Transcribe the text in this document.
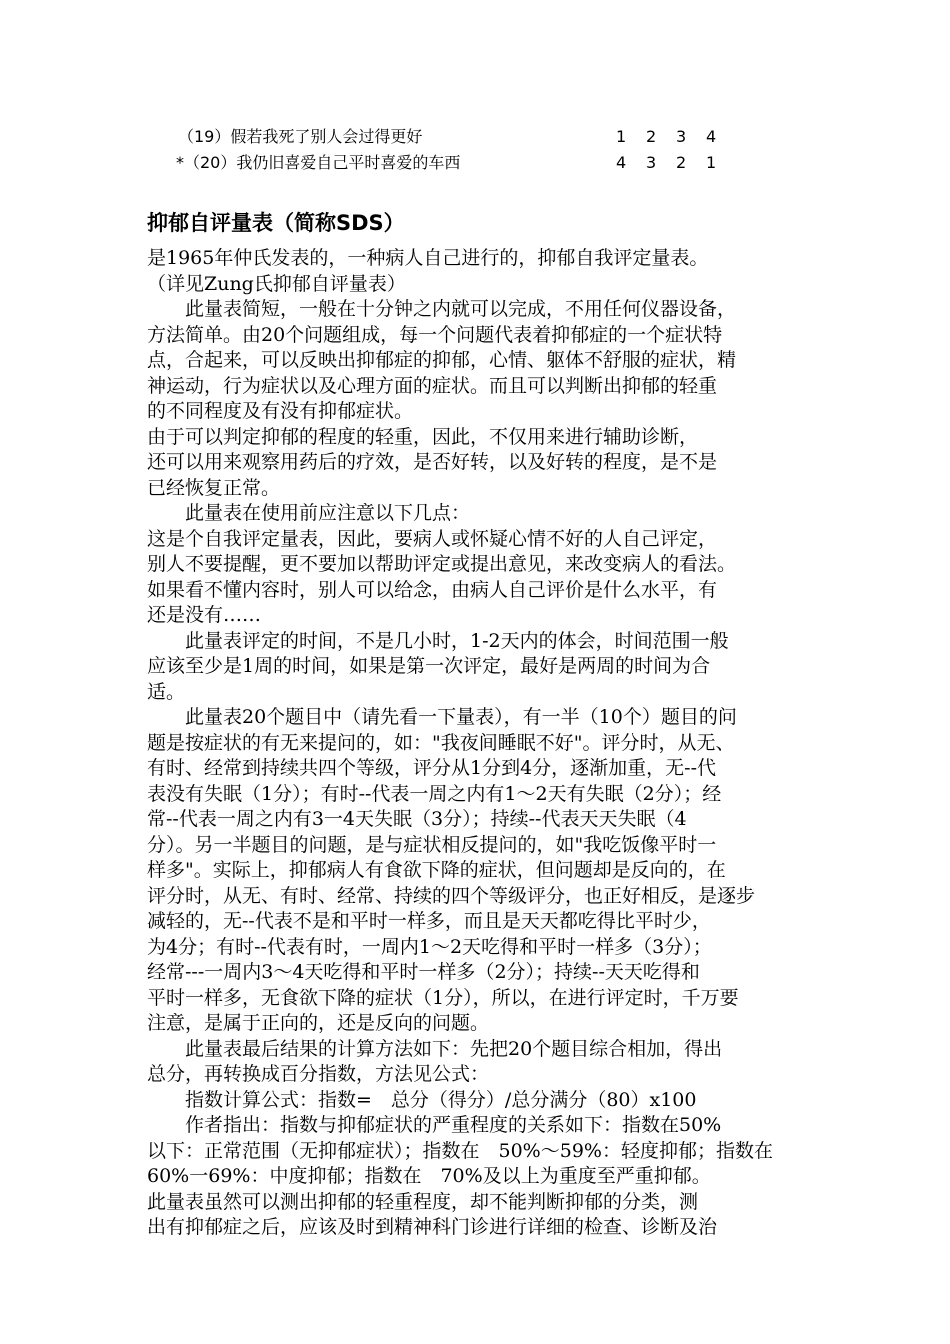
（19）假若我死了别人会过得更好	1 2 3 4
*（20）我仍旧喜爱自己平时喜爱的车西	4 3 2 1
抑郁自评量表（简称SDS）
是1965年仲氏发表的，一种病人自己进行的，抑郁自我评定量表。
（详见Zung氏抑郁自评量表）
　　此量表简短，一般在十分钟之内就可以完成，不用任何仪器设备，
方法简单。由20个问题组成，每一个问题代表着抑郁症的一个症状特
点，合起来，可以反映出抑郁症的抑郁，心情、躯体不舒服的症状，精
神运动，行为症状以及心理方面的症状。而且可以判断出抑郁的轻重
的不同程度及有没有抑郁症状。
由于可以判定抑郁的程度的轻重，因此，不仅用来进行辅助诊断，
还可以用来观察用药后的疗效，是否好转，以及好转的程度，是不是
已经恢复正常。
　　此量表在使用前应注意以下几点：
这是个自我评定量表，因此，要病人或怀疑心情不好的人自己评定，
别人不要提醒，更不要加以帮助评定或提出意见，来改变病人的看法。
如果看不懂内容时，别人可以给念，由病人自己评价是什么水平，有
还是没有……
　　此量表评定的时间，不是几小时，1-2天内的体会，时间范围一般
应该至少是1周的时间，如果是第一次评定，最好是两周的时间为合
适。
　　此量表20个题目中（请先看一下量表），有一半（10个）题目的问
题是按症状的有无来提问的，如："我夜间睡眠不好"。评分时，从无、
有时、经常到持续共四个等级，评分从1分到4分，逐渐加重，无--代
表没有失眠（1分）；有时--代表一周之内有1～2天有失眠（2分）；经
常--代表一周之内有3一4天失眠（3分）；持续--代表天天失眠（4
分）。另一半题目的问题，是与症状相反提问的，如"我吃饭像平时一
样多"。实际上，抑郁病人有食欲下降的症状，但问题却是反向的，在
评分时，从无、有时、经常、持续的四个等级评分，也正好相反，是逐步
减轻的，无--代表不是和平时一样多，而且是天天都吃得比平时少，
为4分；有时--代表有时，一周内1～2天吃得和平时一样多（3分）；
经常---一周内3～4天吃得和平时一样多（2分）；持续--天天吃得和
平时一样多，无食欲下降的症状（1分），所以，在进行评定时，千万要
注意，是属于正向的，还是反向的问题。
　　此量表最后结果的计算方法如下：先把20个题目综合相加，得出
总分，再转换成百分指数，方法见公式：
　　指数计算公式：指数=　总分（得分）/总分满分（80）x100
　　作者指出：指数与抑郁症状的严重程度的关系如下：指数在50%
以下：正常范围（无抑郁症状）；指数在　50%～59%：轻度抑郁；指数在
60%一69%：中度抑郁；指数在　70%及以上为重度至严重抑郁。
此量表虽然可以测出抑郁的轻重程度，却不能判断抑郁的分类，测
出有抑郁症之后，应该及时到精神科门诊进行详细的检查、诊断及治
